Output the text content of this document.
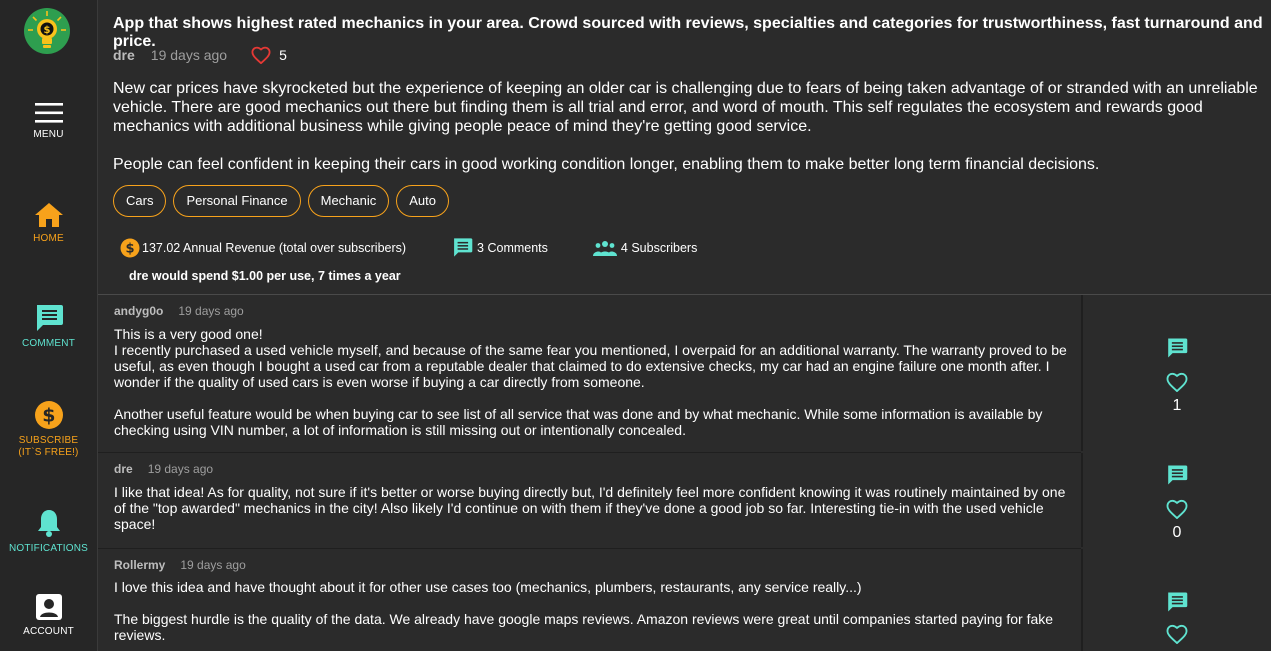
$
MENU
HOME
COMMENT
$
SUBSCRIBE
(IT`S FREE!)
NOTIFICATIONS
ACCOUNT
App that shows highest rated mechanics in your area. Crowd sourced with reviews, specialties and categories for trustworthiness, fast turnaround and price.
dre 19 days ago	5
New car prices have skyrocketed but the experience of keeping an older car is challenging due to fears of being taken advantage of or stranded with an unreliable vehicle. There are good mechanics out there but finding them is all trial and error, and word of mouth. This self regulates the ecosystem and rewards good mechanics with additional business while giving people peace of mind they're getting good service.
People can feel confident in keeping their cars in good working condition longer, enabling them to make better long term financial decisions.
Cars	Personal Finance	Mechanic	Auto
$ 137.02 Annual Revenue (total over subscribers)	3 Comments	4 Subscribers
dre would spend $1.00 per use, 7 times a year
andyg0o 19 days ago
This is a very good one!
I recently purchased a used vehicle myself, and because of the same fear you mentioned, I overpaid for an additional warranty. The warranty proved to be useful, as even though I bought a used car from a reputable dealer that claimed to do extensive checks, my car had an engine failure one month after. I wonder if the quality of used cars is even worse if buying a car directly from someone.
Another useful feature would be when buying car to see list of all service that was done and by what mechanic. While some information is available by checking using VIN number, a lot of information is still missing out or intentionally concealed.
1
dre 19 days ago
I like that idea! As for quality, not sure if it's better or worse buying directly but, I'd definitely feel more confident knowing it was routinely maintained by one of the "top awarded" mechanics in the city! Also likely I'd continue on with them if they've done a good job so far. Interesting tie-in with the used vehicle space!	0
Rollermy 19 days ago
I love this idea and have thought about it for other use cases too (mechanics, plumbers, restaurants, any service really...)
The biggest hurdle is the quality of the data. We already have google maps reviews. Amazon reviews were great until companies started paying for fake reviews.
